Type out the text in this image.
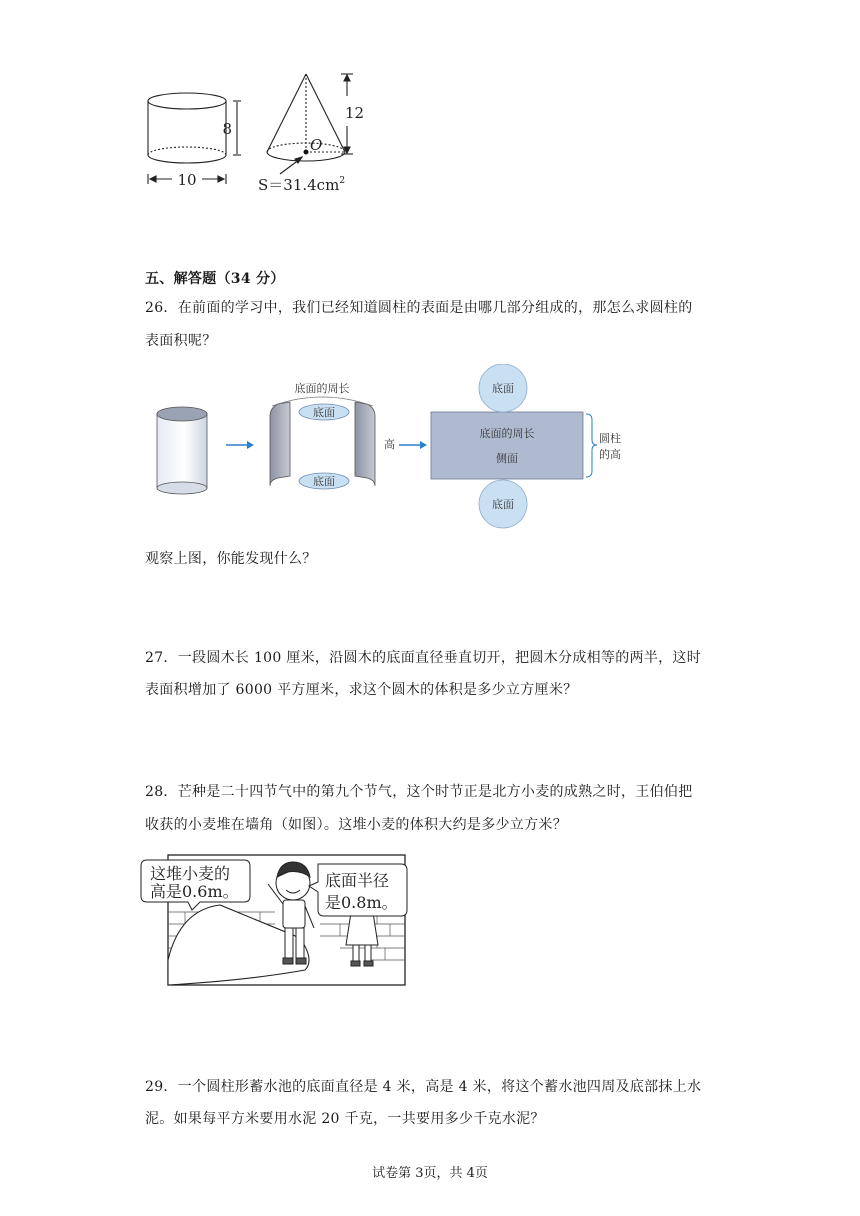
8
10
O
12
$S=31.4cm^2$
五、解答题（34 分）
26．在前面的学习中，我们已经知道圆柱的表面是由哪几部分组成的，那怎么求圆柱的
表面积呢？
底面的周长
底面
底面
高
底面
底面的周长
侧面
圆柱
的高
底面
观察上图，你能发现什么？
27．一段圆木长 100 厘米，沿圆木的底面直径垂直切开，把圆木分成相等的两半，这时
表面积增加了 6000 平方厘米，求这个圆木的体积是多少立方厘米？
28．芒种是二十四节气中的第九个节气，这个时节正是北方小麦的成熟之时，王伯伯把
收获的小麦堆在墙角（如图）。这堆小麦的体积大约是多少立方米？
这堆小麦的
高是0.6m。
底面半径
是0.8m。
29．一个圆柱形蓄水池的底面直径是 4 米，高是 4 米，将这个蓄水池四周及底部抹上水
泥。如果每平方米要用水泥 20 千克，一共要用多少千克水泥？
试卷第 3页，共 4页
